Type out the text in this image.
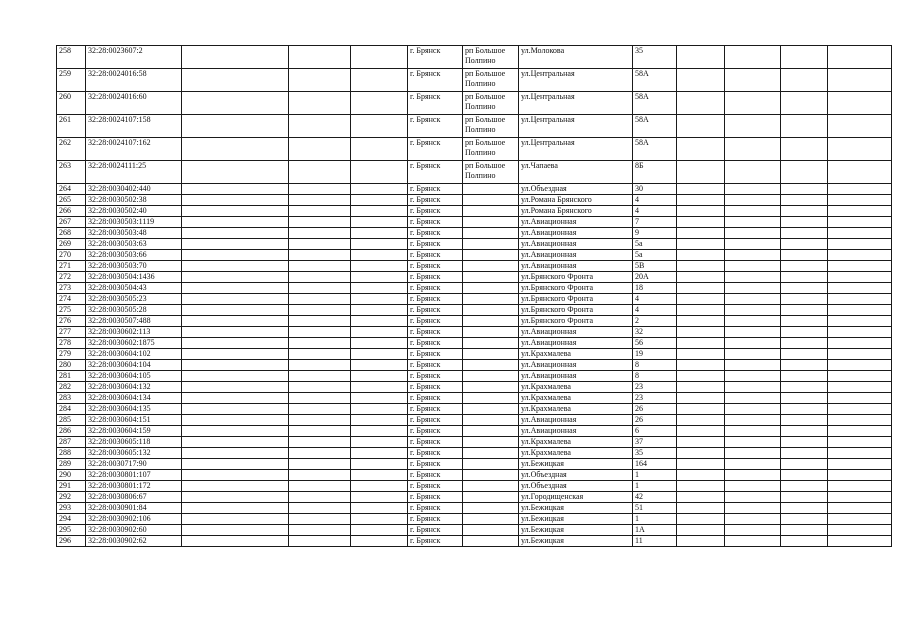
258	32:28:0023607:2				г. Брянск	рп Большое Полпино	ул.Молокова	35				
259	32:28:0024016:58				г. Брянск	рп Большое Полпино	ул.Центральная	58А				
260	32:28:0024016:60				г. Брянск	рп Большое Полпино	ул.Центральная	58А				
261	32:28:0024107:158				г. Брянск	рп Большое Полпино	ул.Центральная	58А				
262	32:28:0024107:162				г. Брянск	рп Большое Полпино	ул.Центральная	58А				
263	32:28:0024111:25				г. Брянск	рп Большое Полпино	ул.Чапаева	8Б				
264	32:28:0030402:440				г. Брянск		ул.Объездная	30				
265	32:28:0030502:38				г. Брянск		ул.Романа Брянского	4				
266	32:28:0030502:40				г. Брянск		ул.Романа Брянского	4				
267	32:28:0030503:1119				г. Брянск		ул.Авиационная	7				
268	32:28:0030503:48				г. Брянск		ул.Авиационная	9				
269	32:28:0030503:63				г. Брянск		ул.Авиационная	5а				
270	32:28:0030503:66				г. Брянск		ул.Авиационная	5а				
271	32:28:0030503:70				г. Брянск		ул.Авиационная	5В				
272	32:28:0030504:1436				г. Брянск		ул.Брянского Фронта	20А				
273	32:28:0030504:43				г. Брянск		ул.Брянского Фронта	18				
274	32:28:0030505:23				г. Брянск		ул.Брянского Фронта	4				
275	32:28:0030505:28				г. Брянск		ул.Брянского Фронта	4				
276	32:28:0030507:488				г. Брянск		ул.Брянского Фронта	2				
277	32:28:0030602:113				г. Брянск		ул.Авиационная	32				
278	32:28:0030602:1875				г. Брянск		ул.Авиационная	56				
279	32:28:0030604:102				г. Брянск		ул.Крахмалева	19				
280	32:28:0030604:104				г. Брянск		ул.Авиационная	8				
281	32:28:0030604:105				г. Брянск		ул.Авиационная	8				
282	32:28:0030604:132				г. Брянск		ул.Крахмалева	23				
283	32:28:0030604:134				г. Брянск		ул.Крахмалева	23				
284	32:28:0030604:135				г. Брянск		ул.Крахмалева	26				
285	32:28:0030604:151				г. Брянск		ул.Авиационная	26				
286	32:28:0030604:159				г. Брянск		ул.Авиационная	6				
287	32:28:0030605:118				г. Брянск		ул.Крахмалева	37				
288	32:28:0030605:132				г. Брянск		ул.Крахмалева	35				
289	32:28:0030717:90				г. Брянск		ул.Бежицкая	164				
290	32:28:0030801:107				г. Брянск		ул.Объездная	1				
291	32:28:0030801:172				г. Брянск		ул.Объездная	1				
292	32:28:0030806:67				г. Брянск		ул.Городищенская	42				
293	32:28:0030901:84				г. Брянск		ул.Бежицкая	51				
294	32:28:0030902:106				г. Брянск		ул.Бежицкая	1				
295	32:28:0030902:60				г. Брянск		ул.Бежицкая	1А				
296	32:28:0030902:62				г. Брянск		ул.Бежицкая	11				
